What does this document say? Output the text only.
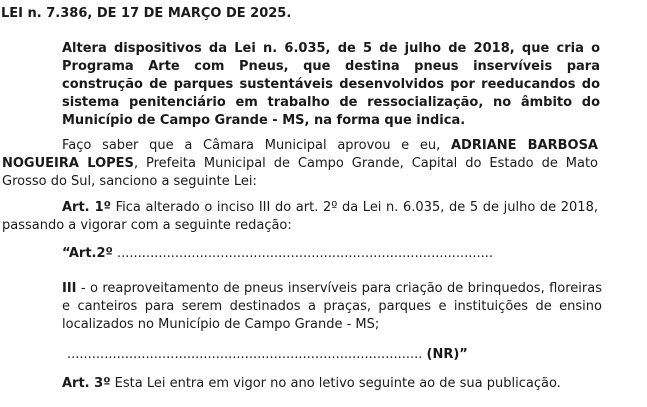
LEI n. 7.386, DE 17 DE MARÇO DE 2025.

Altera dispositivos da Lei n. 6.035, de 5 de julho de 2018, que cria o Programa Arte com Pneus, que destina pneus inservíveis para construção de parques sustentáveis desenvolvidos por reeducandos do sistema penitenciário em trabalho de ressocialização, no âmbito do Município de Campo Grande - MS, na forma que indica.

Faço saber que a Câmara Municipal aprovou e eu, ADRIANE BARBOSA NOGUEIRA LOPES, Prefeita Municipal de Campo Grande, Capital do Estado de Mato Grosso do Sul, sanciono a seguinte Lei:

Art. 1º Fica alterado o inciso III do art. 2º da Lei n. 6.035, de 5 de julho de 2018, passando a vigorar com a seguinte redação:

“Art.2º ...........................................................................................

III - o reaproveitamento de pneus inservíveis para criação de brinquedos, floreiras e canteiros para serem destinados a praças, parques e instituições de ensino localizados no Município de Campo Grande - MS;

...................................................................................... (NR)”

Art. 3º Esta Lei entra em vigor no ano letivo seguinte ao de sua publicação.
